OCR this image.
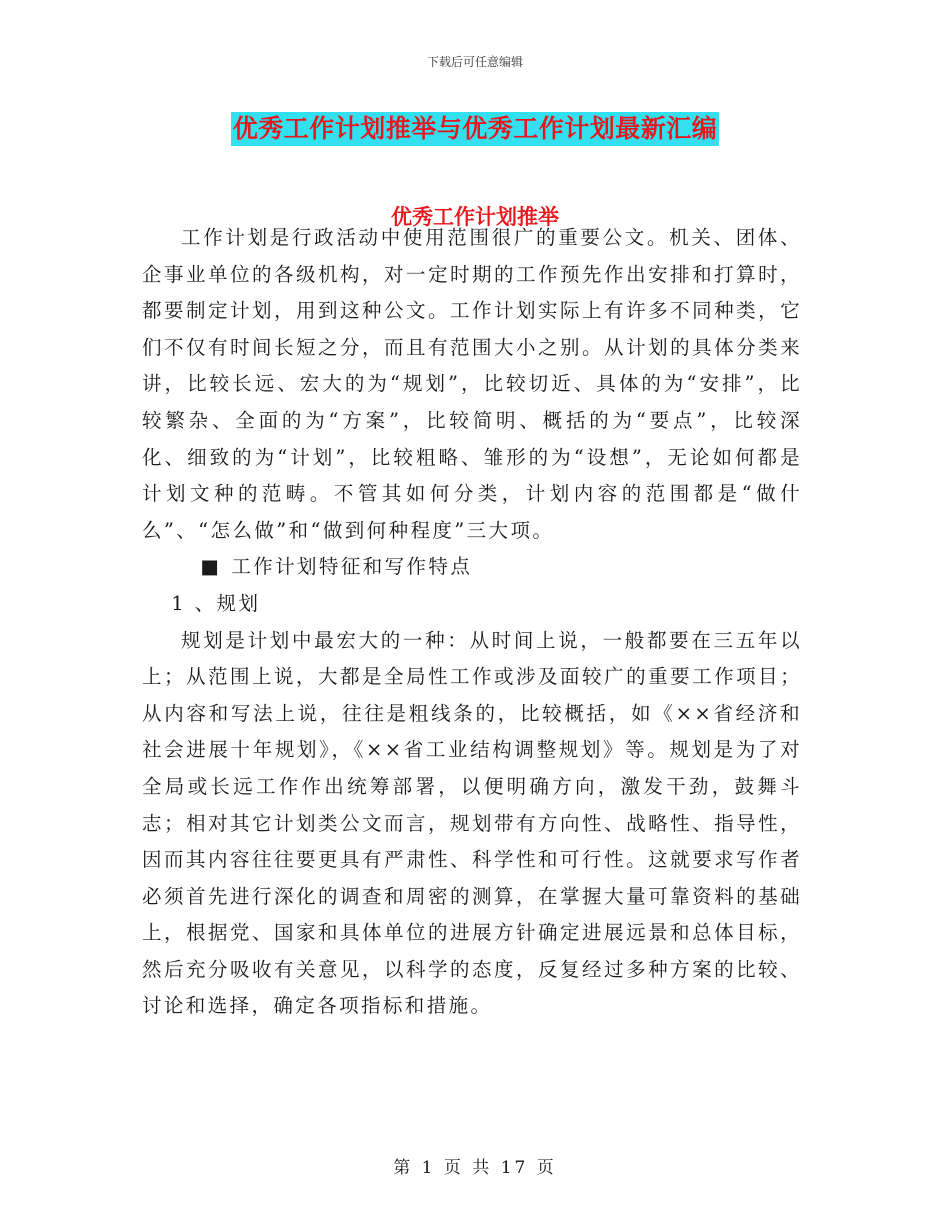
下载后可任意编辑
优秀工作计划推举与优秀工作计划最新汇编
优秀工作计划推举

工作计划是行政活动中使用范围很广的重要公文。机关、团体、企事业单位的各级机构，对一定时期的工作预先作出安排和打算时，都要制定计划，用到这种公文。工作计划实际上有许多不同种类，它们不仅有时间长短之分，而且有范围大小之别。从计划的具体分类来讲，比较长远、宏大的为“规划”，比较切近、具体的为“安排”，比较繁杂、全面的为“方案”，比较简明、概括的为“要点”，比较深化、细致的为“计划”，比较粗略、雏形的为“设想”，无论如何都是计划文种的范畴。不管其如何分类，计划内容的范围都是“做什么”、“怎么做”和“做到何种程度”三大项。

■ 工作计划特征和写作特点

1 、规划

规划是计划中最宏大的一种：从时间上说，一般都要在三五年以上；从范围上说，大都是全局性工作或涉及面较广的重要工作项目；从内容和写法上说，往往是粗线条的，比较概括，如《××省经济和社会进展十年规划》，《××省工业结构调整规划》等。规划是为了对全局或长远工作作出统筹部署，以便明确方向，激发干劲，鼓舞斗志；相对其它计划类公文而言，规划带有方向性、战略性、指导性，因而其内容往往要更具有严肃性、科学性和可行性。这就要求写作者必须首先进行深化的调查和周密的测算，在掌握大量可靠资料的基础上，根据党、国家和具体单位的进展方针确定进展远景和总体目标，然后充分吸收有关意见，以科学的态度，反复经过多种方案的比较、讨论和选择，确定各项指标和措施。

第 1 页 共 17 页
